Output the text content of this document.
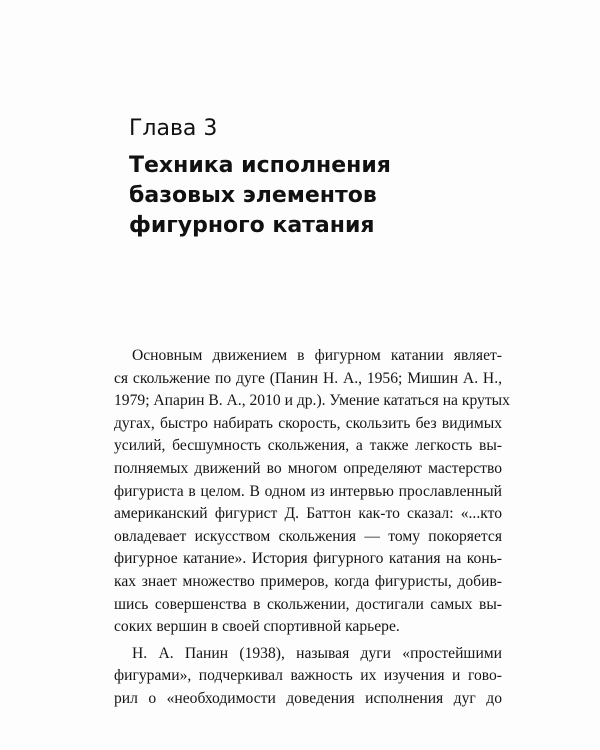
Глава 3
Техника исполнения
базовых элементов
фигурного катания

Основным движением в фигурном катании являет-
ся скольжение по дуге (Панин Н. А., 1956; Мишин А. Н.,
1979; Апарин В. А., 2010 и др.). Умение кататься на крутых
дугах, быстро набирать скорость, скользить без видимых
усилий, бесшумность скольжения, а также легкость вы-
полняемых движений во многом определяют мастерство
фигуриста в целом. В одном из интервью прославленный
американский фигурист Д. Баттон как-то сказал: «...кто
овладевает искусством скольжения — тому покоряется
фигурное катание». История фигурного катания на конь-
ках знает множество примеров, когда фигуристы, добив-
шись совершенства в скольжении, достигали самых вы-
соких вершин в своей спортивной карьере.

Н. А. Панин (1938), называя дуги «простейшими
фигурами», подчеркивал важность их изучения и гово-
рил о «необходимости доведения исполнения дуг до
